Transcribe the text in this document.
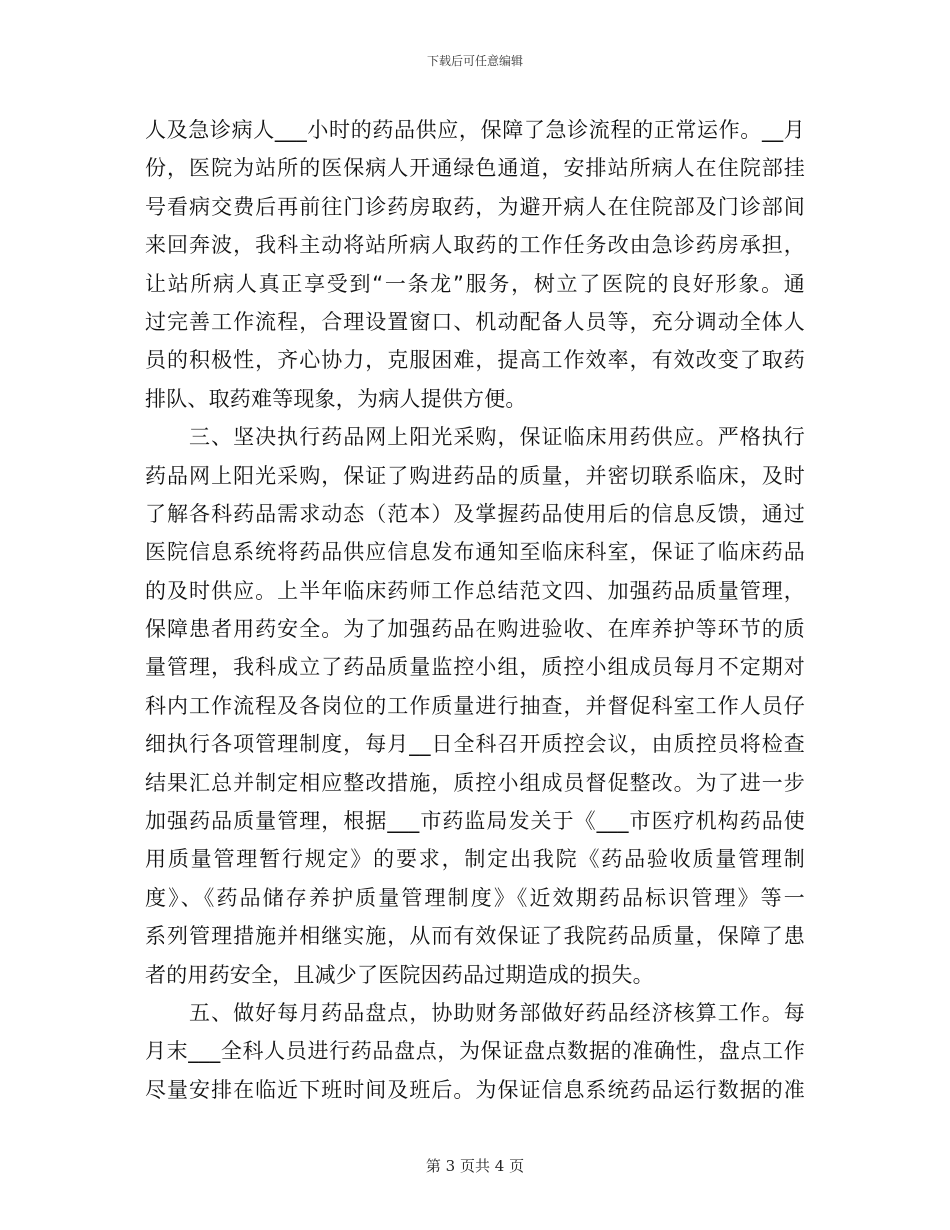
下载后可任意编辑
人及急诊病人___小时的药品供应，保障了急诊流程的正常运作。__月
份，医院为站所的医保病人开通绿色通道，安排站所病人在住院部挂
号看病交费后再前往门诊药房取药，为避开病人在住院部及门诊部间
来回奔波，我科主动将站所病人取药的工作任务改由急诊药房承担，
让站所病人真正享受到“一条龙”服务，树立了医院的良好形象。通
过完善工作流程，合理设置窗口、机动配备人员等，充分调动全体人
员的积极性，齐心协力，克服困难，提高工作效率，有效改变了取药
排队、取药难等现象，为病人提供方便。
　　三、坚决执行药品网上阳光采购，保证临床用药供应。严格执行
药品网上阳光采购，保证了购进药品的质量，并密切联系临床，及时
了解各科药品需求动态（范本）及掌握药品使用后的信息反馈，通过
医院信息系统将药品供应信息发布通知至临床科室，保证了临床药品
的及时供应。上半年临床药师工作总结范文四、加强药品质量管理，
保障患者用药安全。为了加强药品在购进验收、在库养护等环节的质
量管理，我科成立了药品质量监控小组，质控小组成员每月不定期对
科内工作流程及各岗位的工作质量进行抽查，并督促科室工作人员仔
细执行各项管理制度，每月__日全科召开质控会议，由质控员将检查
结果汇总并制定相应整改措施，质控小组成员督促整改。为了进一步
加强药品质量管理，根据___市药监局发关于《___市医疗机构药品使
用质量管理暂行规定》的要求，制定出我院《药品验收质量管理制
度》、《药品储存养护质量管理制度》《近效期药品标识管理》等一
系列管理措施并相继实施，从而有效保证了我院药品质量，保障了患
者的用药安全，且减少了医院因药品过期造成的损失。
　　五、做好每月药品盘点，协助财务部做好药品经济核算工作。每
月末___全科人员进行药品盘点，为保证盘点数据的准确性，盘点工作
尽量安排在临近下班时间及班后。为保证信息系统药品运行数据的准
第 3 页共 4 页
